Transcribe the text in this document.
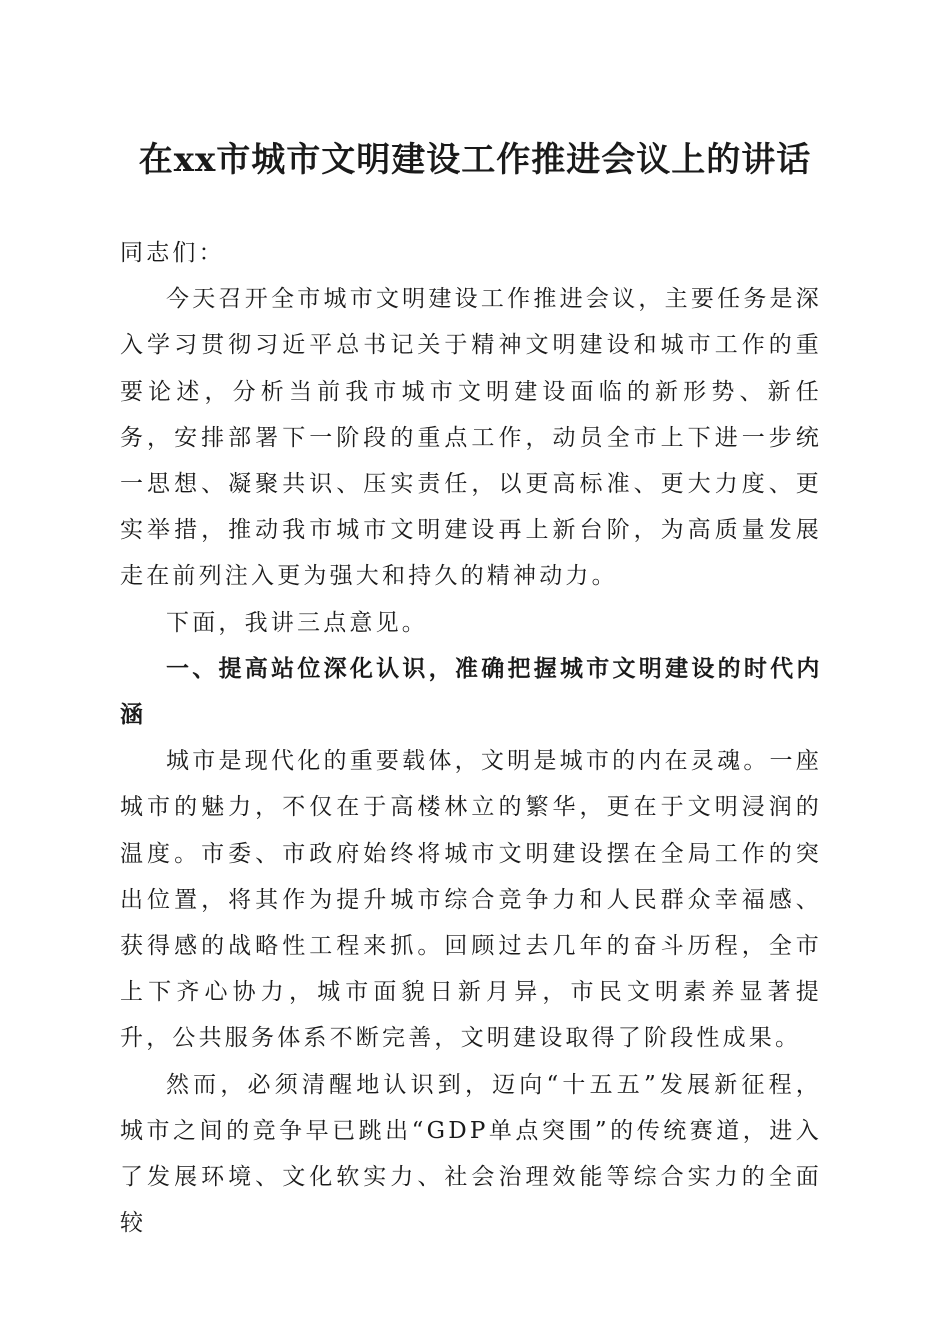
在xx市城市文明建设工作推进会议上的讲话

同志们：

今天召开全市城市文明建设工作推进会议，主要任务是深入学习贯彻习近平总书记关于精神文明建设和城市工作的重要论述，分析当前我市城市文明建设面临的新形势、新任务，安排部署下一阶段的重点工作，动员全市上下进一步统一思想、凝聚共识、压实责任，以更高标准、更大力度、更实举措，推动我市城市文明建设再上新台阶，为高质量发展走在前列注入更为强大和持久的精神动力。

下面，我讲三点意见。

一、提高站位深化认识，准确把握城市文明建设的时代内涵

城市是现代化的重要载体，文明是城市的内在灵魂。一座城市的魅力，不仅在于高楼林立的繁华，更在于文明浸润的温度。市委、市政府始终将城市文明建设摆在全局工作的突出位置，将其作为提升城市综合竞争力和人民群众幸福感、获得感的战略性工程来抓。回顾过去几年的奋斗历程，全市上下齐心协力，城市面貌日新月异，市民文明素养显著提升，公共服务体系不断完善，文明建设取得了阶段性成果。

然而，必须清醒地认识到，迈向“十五五”发展新征程，城市之间的竞争早已跳出“GDP单点突围”的传统赛道，进入了发展环境、文化软实力、社会治理效能等综合实力的全面较
